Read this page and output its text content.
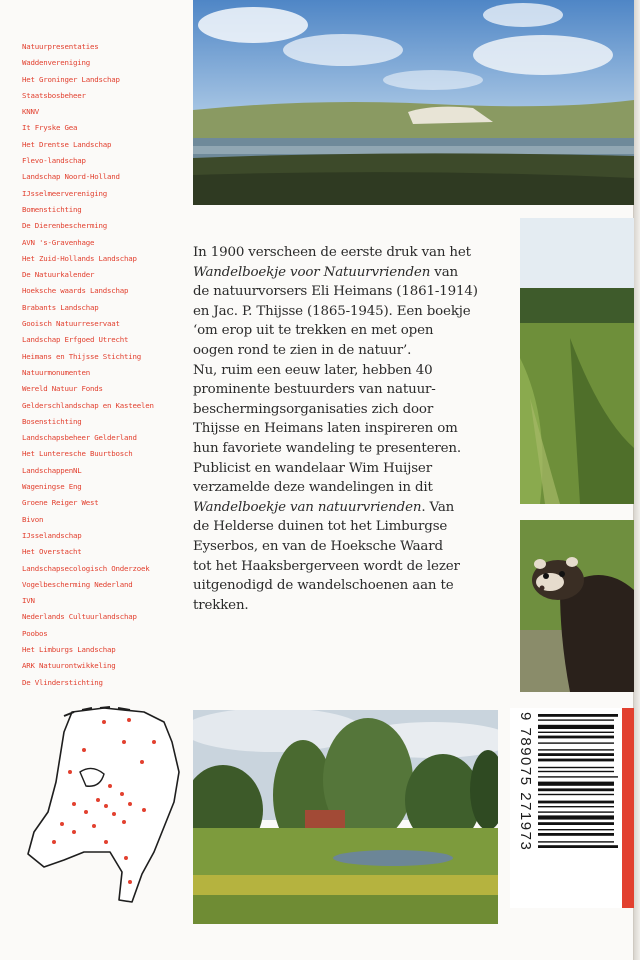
Natuurpresentaties
Waddenvereniging
Het Groninger Landschap
Staatsbosbeheer
KNNV
It Fryske Gea
Het Drentse Landschap
Flevo-landschap
Landschap Noord-Holland
IJsselmeervereniging
Bomenstichting
De Dierenbescherming
AVN 's-Gravenhage
Het Zuid-Hollands Landschap
De Natuurkalender
Hoeksche waards Landschap
Brabants Landschap
Gooisch Natuurreservaat
Landschap Erfgoed Utrecht
Heimans en Thijsse Stichting
Natuurmonumenten
Wereld Natuur Fonds
Gelderschlandschap en Kasteelen
Bosenstichting
Landschapsbeheer Gelderland
Het Lunteresche Buurtbosch
LandschappenNL
Wageningse Eng
Groene Reiger West
Bivon
IJsselandschap
Het Overstacht
Landschapsecologisch Onderzoek
Vogelbescherming Nederland
IVN
Nederlands Cultuurlandschap
Poobos
Het Limburgs Landschap
ARK Natuurontwikkeling
De Vlinderstichting

In 1900 verscheen de eerste druk van het

Wandelboekje voor Natuurvrienden van

de natuurvorsers Eli Heimans (1861-1914)

en Jac. P. Thijsse (1865-1945). Een boekje

‘om erop uit te trekken en met open

oogen rond te zien in de natuur’.

Nu, ruim een eeuw later, hebben 40

prominente bestuurders van natuur-

beschermingsorganisaties zich door

Thijsse en Heimans laten inspireren om

hun favoriete wandeling te presenteren.

Publicist en wandelaar Wim Huijser

verzamelde deze wandelingen in dit

Wandelboekje van natuurvrienden. Van

de Helderse duinen tot het Limburgse

Eyserbos, en van de Hoeksche Waard

tot het Haaksbergerveen wordt de lezer

uitgenodigd de wandelschoenen aan te

trekken.

9 789075 271973
